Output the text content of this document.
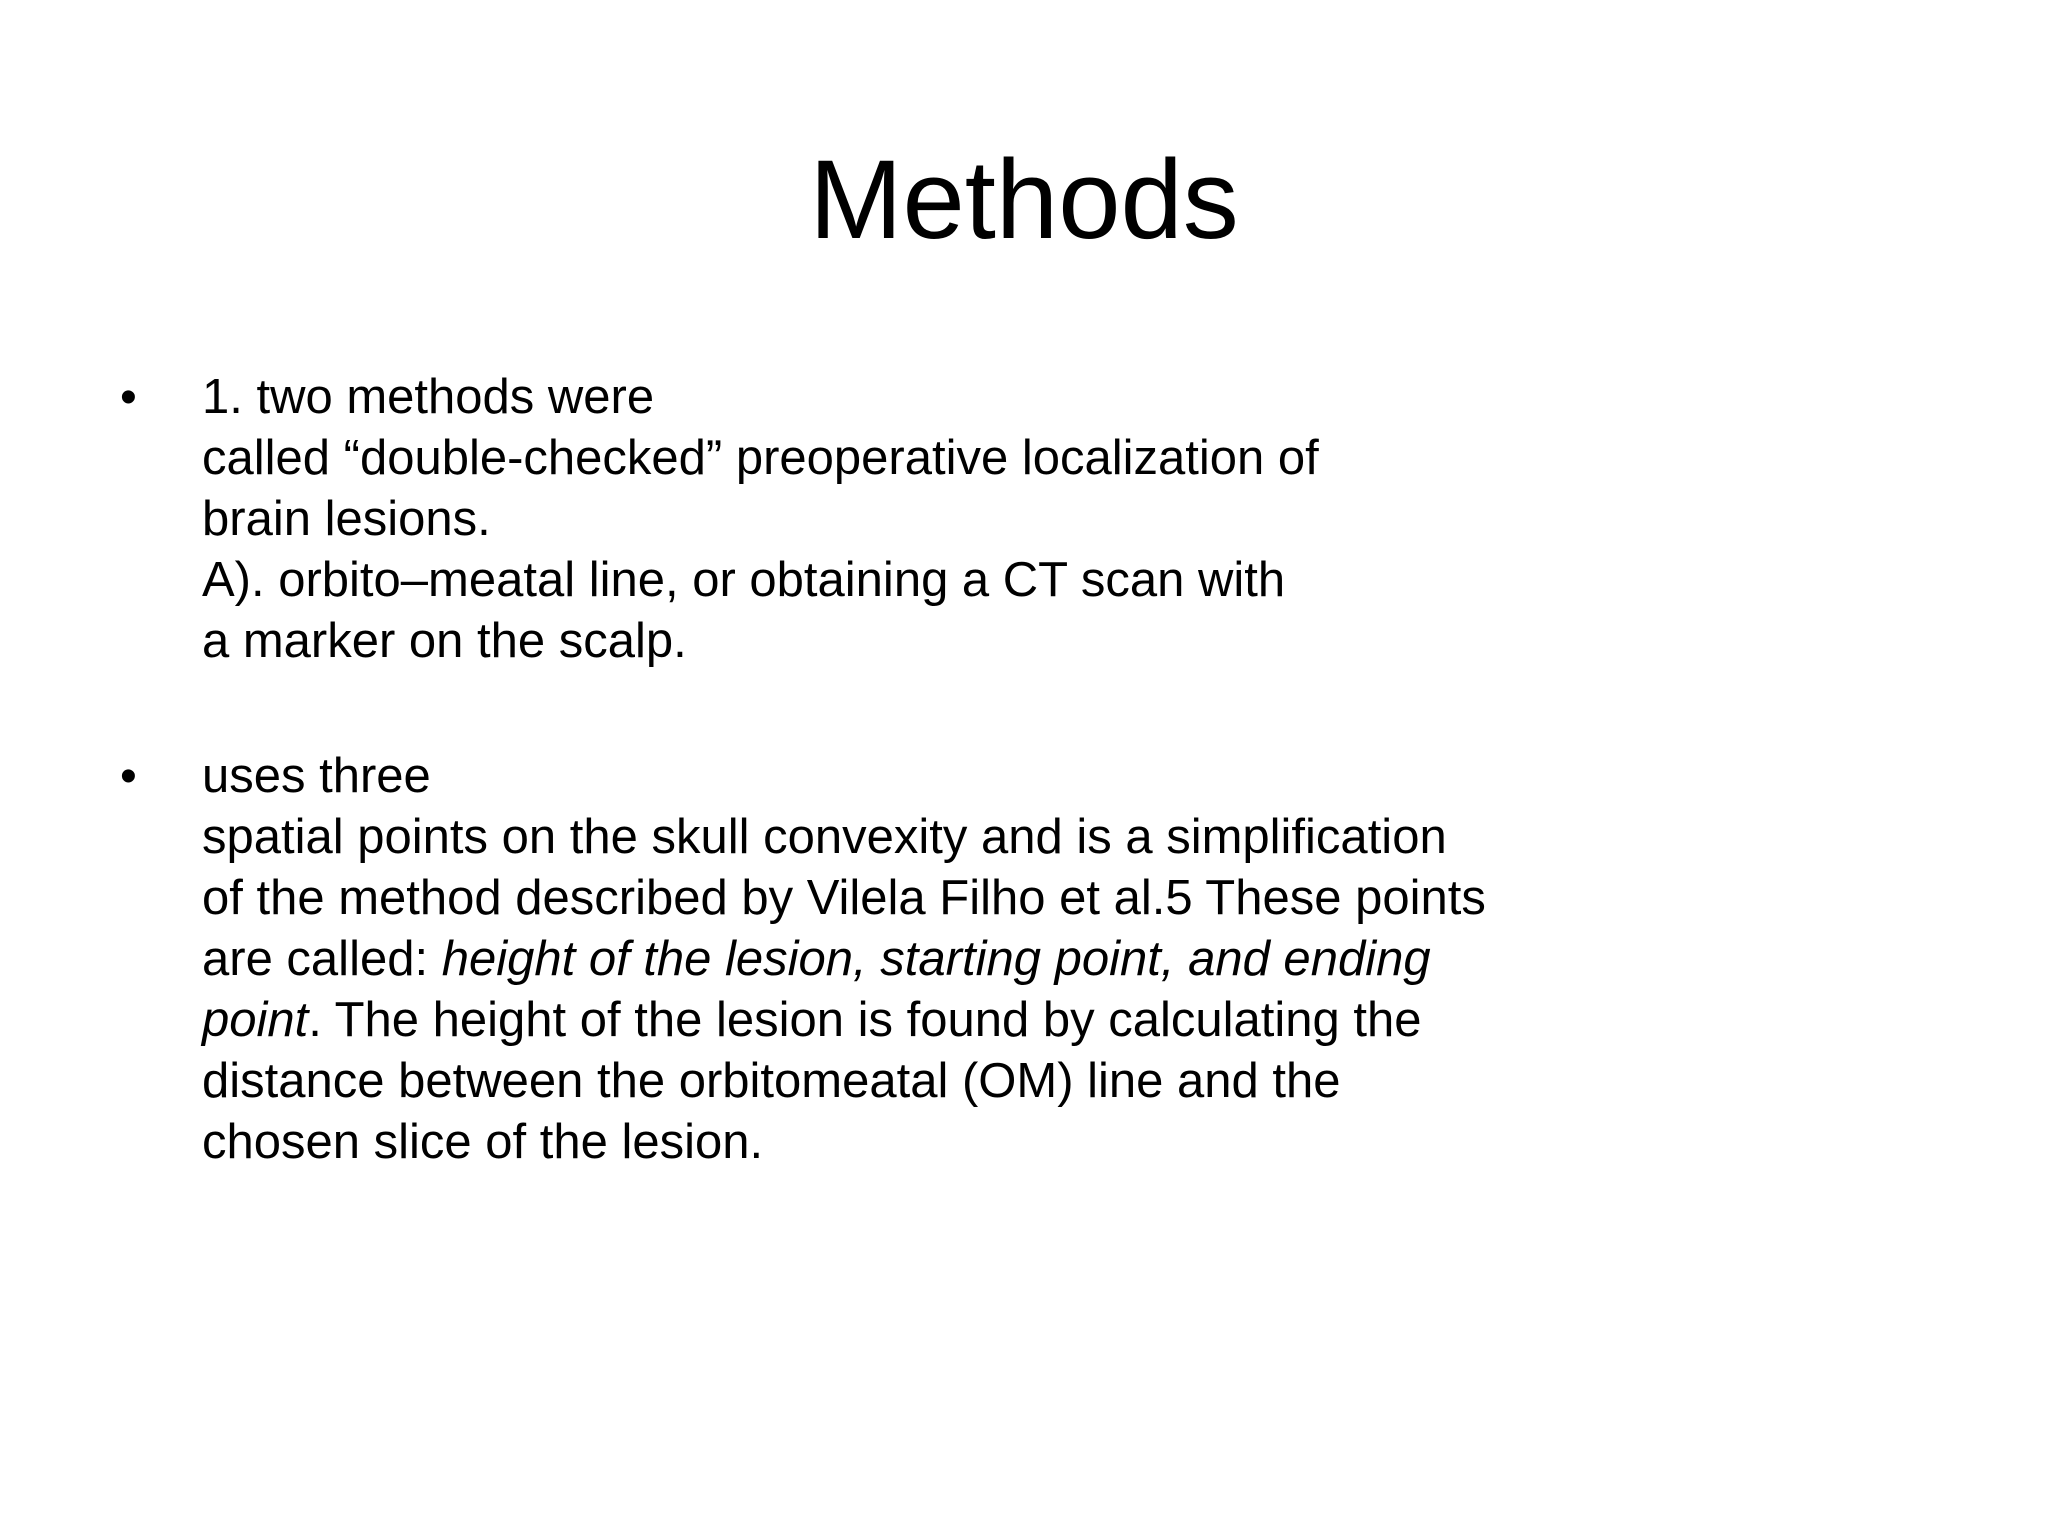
Methods
•	1. two methods were
called “double-checked” preoperative localization of
brain lesions.
A). orbito–meatal line, or obtaining a CT scan with
a marker on the scalp.
•	uses three
spatial points on the skull convexity and is a simplification
of the method described by Vilela Filho et al.5 These points
are called: height of the lesion, starting point, and ending
point. The height of the lesion is found by calculating the
distance between the orbitomeatal (OM) line and the
chosen slice of the lesion.
